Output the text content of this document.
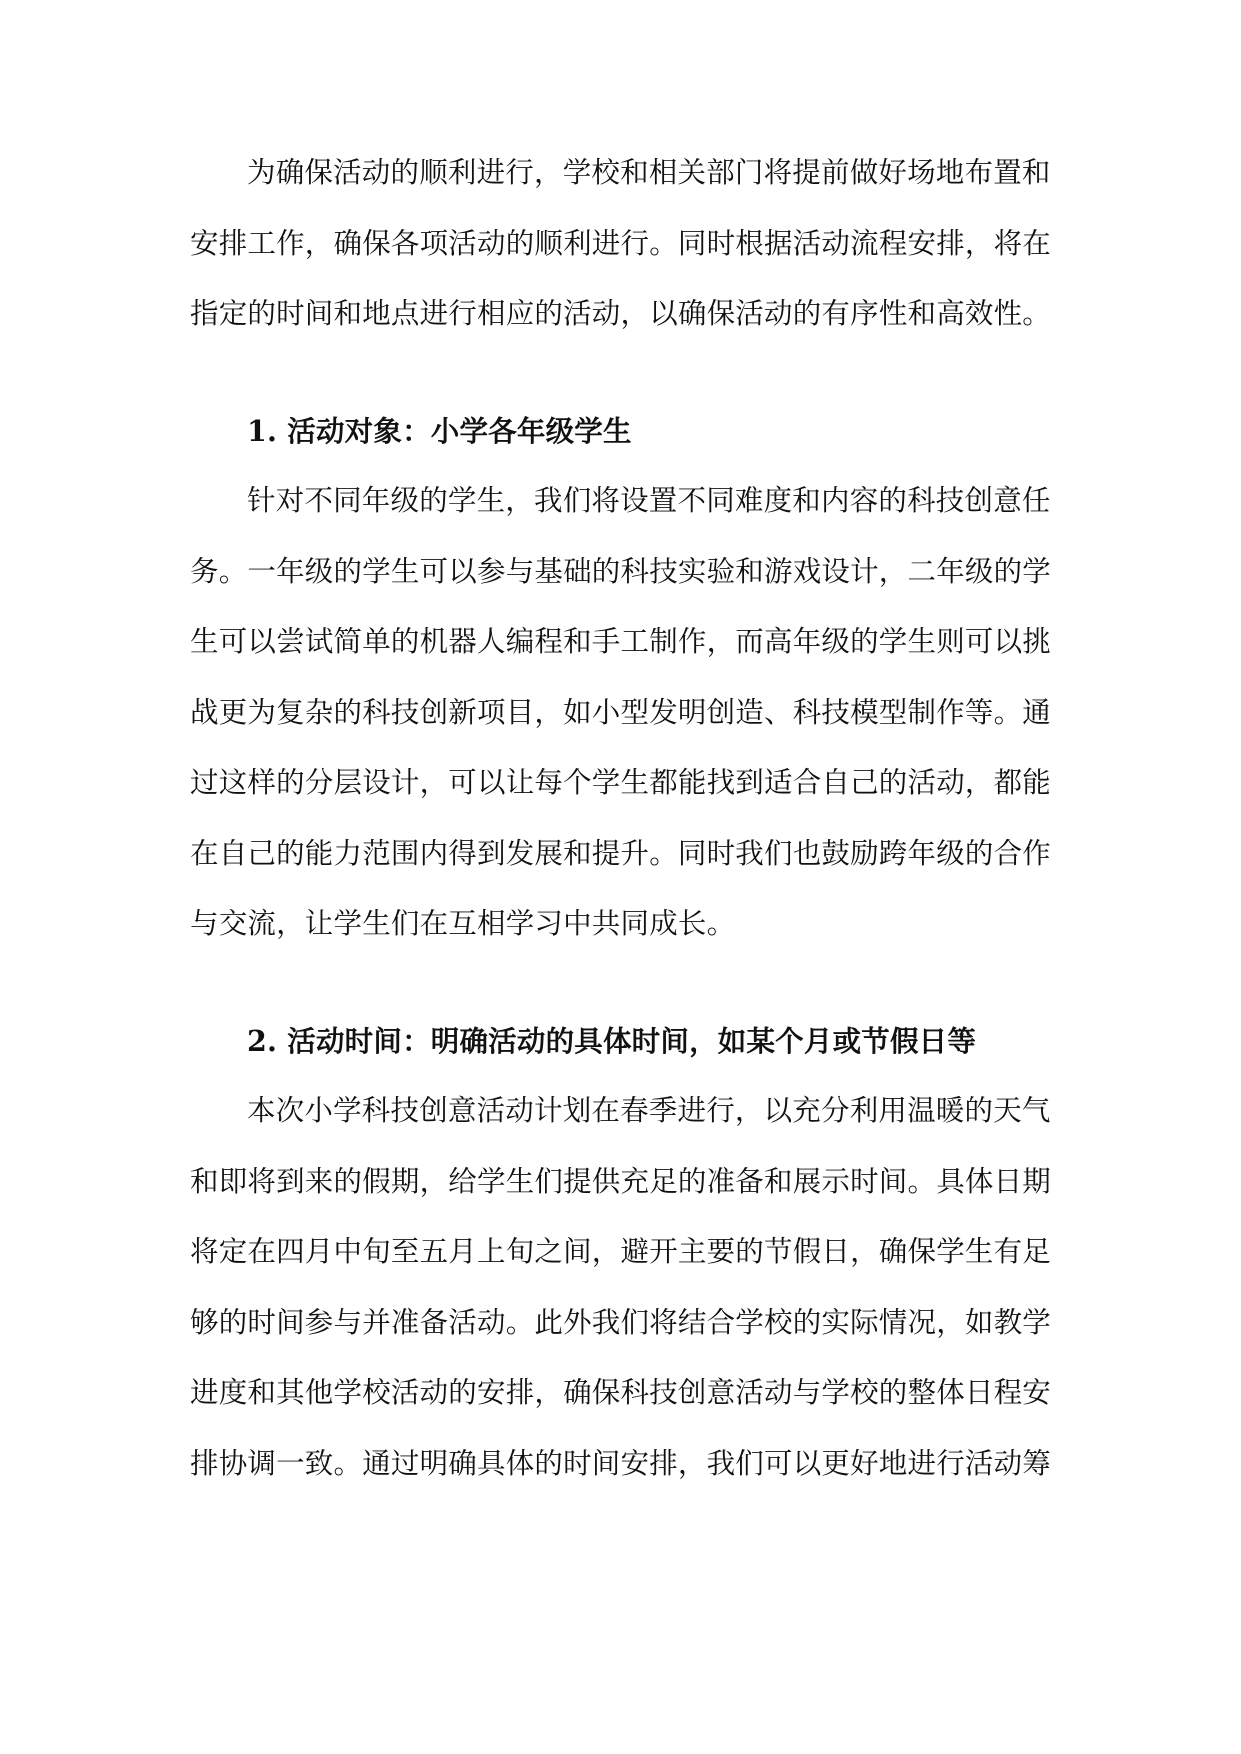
为确保活动的顺利进行，学校和相关部门将提前做好场地布置和
安排工作，确保各项活动的顺利进行。同时根据活动流程安排，将在
指定的时间和地点进行相应的活动，以确保活动的有序性和高效性。
1. 活动对象：小学各年级学生
针对不同年级的学生，我们将设置不同难度和内容的科技创意任
务。一年级的学生可以参与基础的科技实验和游戏设计，二年级的学
生可以尝试简单的机器人编程和手工制作，而高年级的学生则可以挑
战更为复杂的科技创新项目，如小型发明创造、科技模型制作等。通
过这样的分层设计，可以让每个学生都能找到适合自己的活动，都能
在自己的能力范围内得到发展和提升。同时我们也鼓励跨年级的合作
与交流，让学生们在互相学习中共同成长。
2. 活动时间：明确活动的具体时间，如某个月或节假日等
本次小学科技创意活动计划在春季进行，以充分利用温暖的天气
和即将到来的假期，给学生们提供充足的准备和展示时间。具体日期
将定在四月中旬至五月上旬之间，避开主要的节假日，确保学生有足
够的时间参与并准备活动。此外我们将结合学校的实际情况，如教学
进度和其他学校活动的安排，确保科技创意活动与学校的整体日程安
排协调一致。通过明确具体的时间安排，我们可以更好地进行活动筹
